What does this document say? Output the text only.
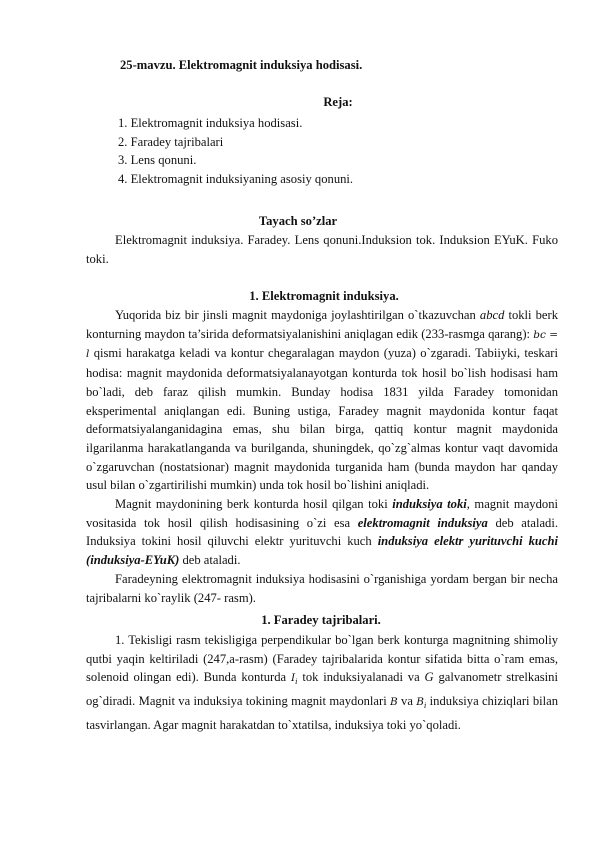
25-mavzu. Elektromagnit induksiya hodisasi.
Reja:
1. Elektromagnit induksiya hodisasi.
2. Faradey tajribalari
3. Lens qonuni.
4. Elektromagnit induksiyaning asosiy qonuni.
Tayach so’zlar

Elektromagnit induksiya. Faradey. Lens qonuni.Induksion tok. Induksion EYuK. Fuko toki.

1. Elektromagnit induksiya.

Yuqorida biz bir jinsli magnit maydoniga joylashtirilgan o`tkazuvchan abcd tokli berk konturning maydon ta’sirida deformatsiyalanishini aniqlagan edik (233-rasmga qarang): bc = l qismi harakatga keladi va kontur chegaralagan maydon (yuza) o`zgaradi. Tabiiyki, teskari hodisa: magnit maydonida deformatsiyalanayotgan konturda tok hosil bo`lish hodisasi ham bo`ladi, deb faraz qilish mumkin. Bunday hodisa 1831 yilda Faradey tomonidan eksperimental aniqlangan edi. Buning ustiga, Faradey magnit maydonida kontur faqat deformatsiyalanganidagina emas, shu bilan birga, qattiq kontur magnit maydonida ilgarilanma harakatlanganda va burilganda, shuningdek, qo`zg`almas kontur vaqt davomida o`zgaruvchan (nostatsionar) magnit maydonida turganida ham (bunda maydon har qanday usul bilan o`zgartirilishi mumkin) unda tok hosil bo`lishini aniqladi.

Magnit maydonining berk konturda hosil qilgan toki induksiya toki, magnit maydoni vositasida tok hosil qilish hodisasining o`zi esa elektromagnit induksiya deb ataladi. Induksiya tokini hosil qiluvchi elektr yurituvchi kuch induksiya elektr yurituvchi kuchi (induksiya-EYuK) deb ataladi.

Faradeyning elektromagnit induksiya hodisasini o`rganishiga yordam bergan bir necha tajribalarni ko`raylik (247- rasm).

1. Faradey tajribalari.

1. Tekisligi rasm tekisligiga perpendikular bo`lgan berk konturga magnitning shimoliy qutbi yaqin keltiriladi (247,a-rasm) (Faradey tajribalarida kontur sifatida bitta o`ram emas, solenoid olingan edi). Bunda konturda $I_i$ tok induksiyalanadi va G galvanometr strelkasini og`diradi. Magnit va induksiya tokining magnit maydonlari B va $B_i$ induksiya chiziqlari bilan tasvirlangan. Agar magnit harakatdan to`xtatilsa, induksiya toki yo`qoladi.
